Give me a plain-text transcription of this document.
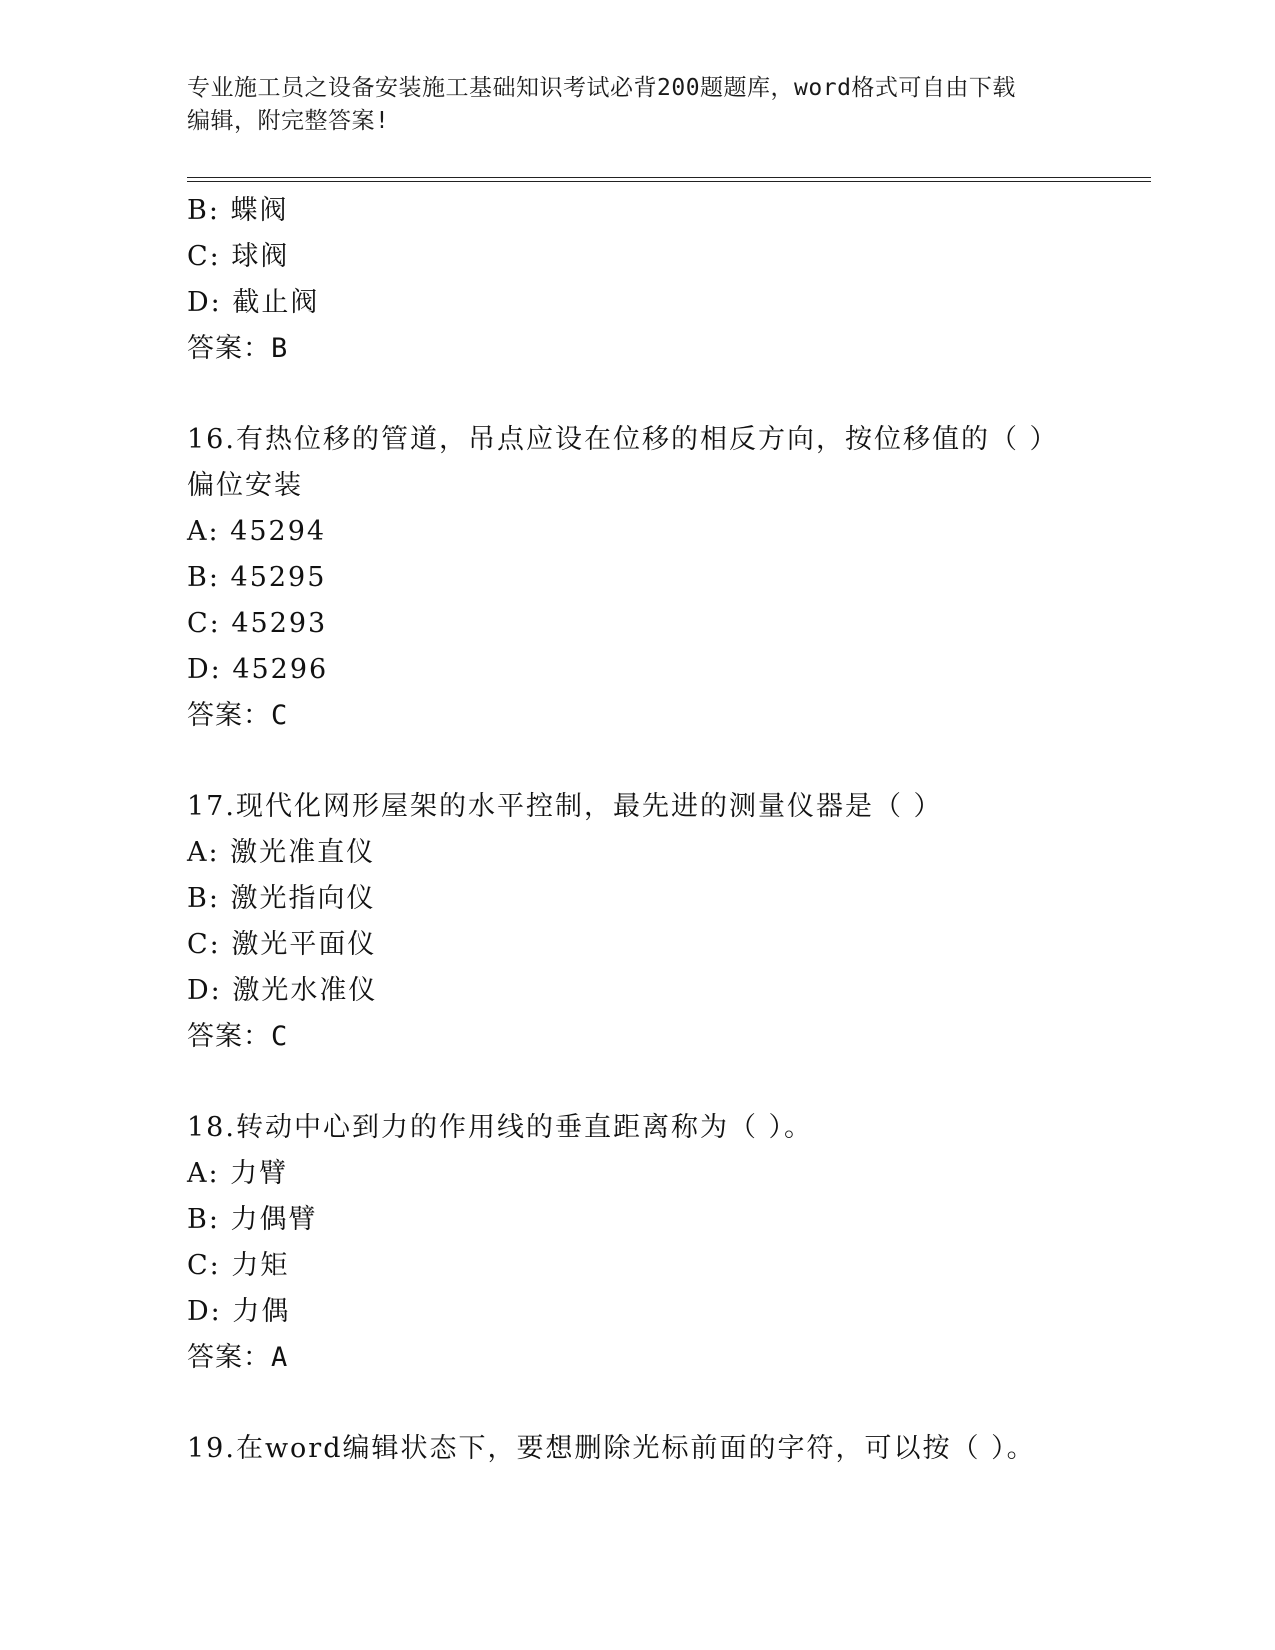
专业施工员之设备安装施工基础知识考试必背200题题库，word格式可自由下载
编辑，附完整答案!
B: 蝶阀
C: 球阀
D: 截止阀
答案：B
16.有热位移的管道，吊点应设在位移的相反方向，按位移值的（ ）
偏位安装
A: 45294
B: 45295
C: 45293
D: 45296
答案：C
17.现代化网形屋架的水平控制，最先进的测量仪器是（ ）
A: 激光准直仪
B: 激光指向仪
C: 激光平面仪
D: 激光水准仪
答案：C
18.转动中心到力的作用线的垂直距离称为（ ）。
A: 力臂
B: 力偶臂
C: 力矩
D: 力偶
答案：A
19.在word编辑状态下，要想删除光标前面的字符，可以按（ ）。
